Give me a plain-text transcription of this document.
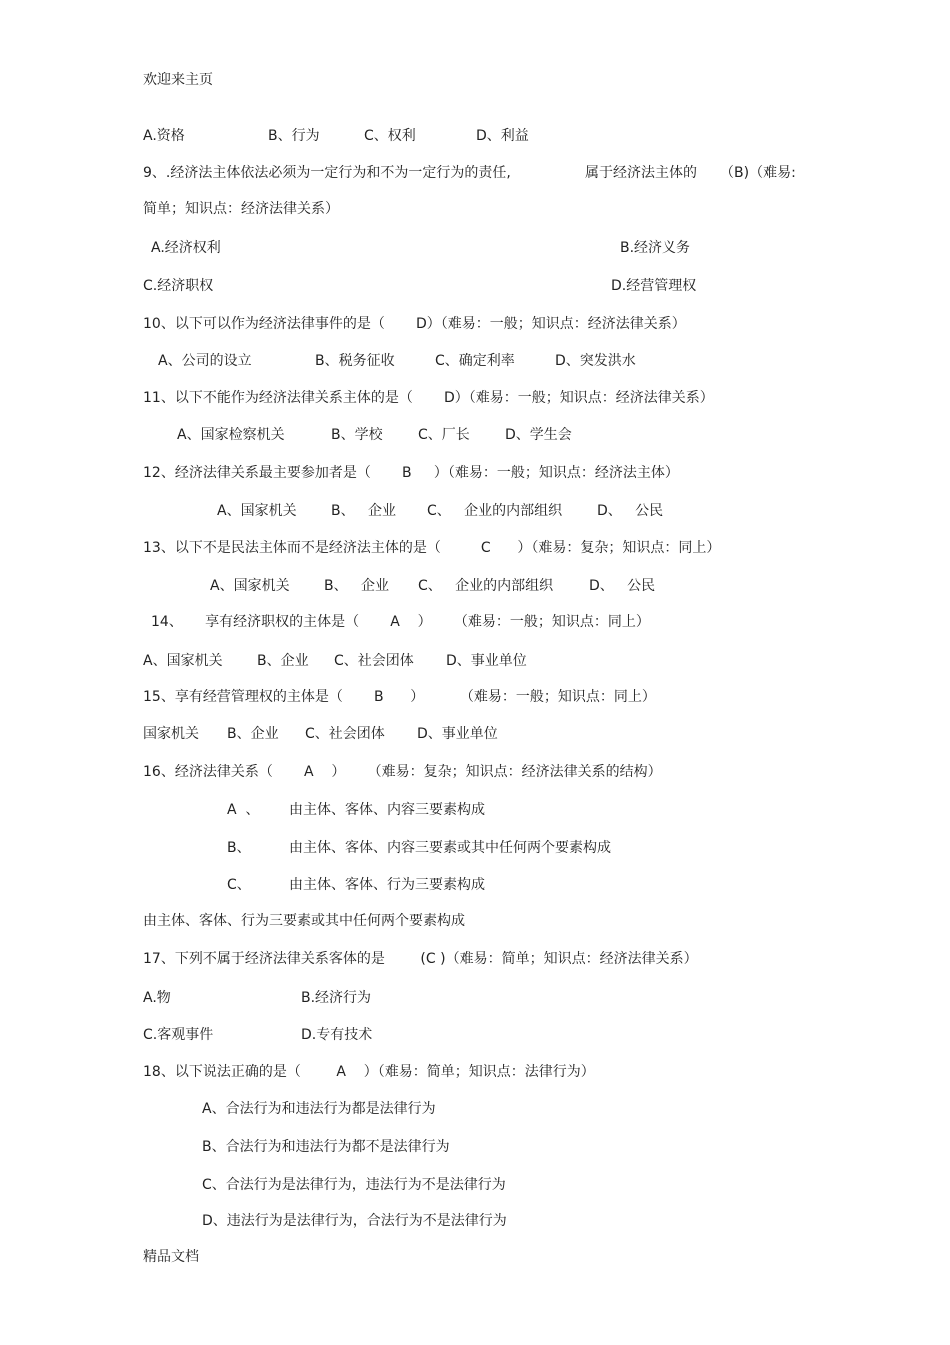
欢迎来主页
A.资格	B、行为	C、权利	D、利益
9、.经济法主体依法必须为一定行为和不为一定行为的责任,	属于经济法主体的 （B)（难易:
简单；知识点：经济法律关系）
A.经济权利	B.经济义务
C.经济职权	D.经营管理权
10、以下可以作为经济法律事件的是（       D）（难易：一般；知识点：经济法律关系）
A、公司的设立	B、税务征收	C、确定利率	D、突发洪水
11、以下不能作为经济法律关系主体的是（       D）（难易：一般；知识点：经济法律关系）
A、国家检察机关	B、学校	C、厂长	D、学生会
12、经济法律关系最主要参加者是（       B     ）（难易：一般；知识点：经济法主体）
A、国家机关 B、   企业 C、   企业的内部组织 D、   公民
13、以下不是民法主体而不是经济法主体的是（         C      ）（难易：复杂；知识点：同上）
A、国家机关 B、   企业 C、   企业的内部组织	D、   公民
14、     享有经济职权的主体是（       A    ）     （难易：一般；知识点：同上）
A、国家机关 B、企业 C、社会团体 D、事业单位
15、享有经营管理权的主体是（       B      ）        （难易：一般；知识点：同上）
国家机关 B、企业 C、社会团体 D、事业单位
16、经济法律关系（       A    ）     （难易：复杂；知识点：经济法律关系的结构）
A  、 由主体、客体、内容三要素构成
B、	由主体、客体、内容三要素或其中任何两个要素构成
C、	由主体、客体、行为三要素构成
由主体、客体、行为三要素或其中任何两个要素构成
17、下列不属于经济法律关系客体的是        (C )（难易：简单；知识点：经济法律关系）
A.物	B.经济行为
C.客观事件	D.专有技术
18、以下说法正确的是（        A    ）（难易：简单；知识点：法律行为）
A、合法行为和违法行为都是法律行为
B、合法行为和违法行为都不是法律行为
C、合法行为是法律行为，违法行为不是法律行为
D、违法行为是法律行为，合法行为不是法律行为
精品文档
